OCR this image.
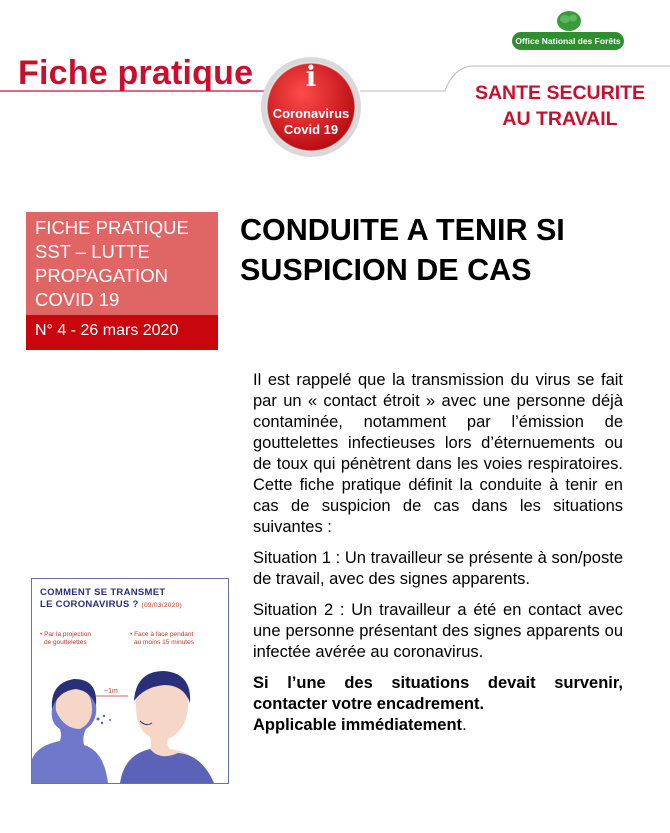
Office National des Forêts
Fiche pratique	i
Coronavirus
Covid 19
SANTE SECURITE
AU TRAVAIL
FICHE PRATIQUE
SST – LUTTE
PROPAGATION
COVID 19
N° 4 - 26 mars 2020
CONDUITE A TENIR SI
SUSPICION DE CAS

Il est rappelé que la transmission du virus se fait par un « contact étroit » avec une personne déjà contaminée, notamment par l’émission de gouttelettes infectieuses lors d’éternuements ou de toux qui pénètrent dans les voies respiratoires. Cette fiche pratique définit la conduite à tenir en cas de suspicion de cas dans les situations suivantes :

Situation 1 : Un travailleur se présente à son/poste de travail, avec des signes apparents.

Situation 2 : Un travailleur a été en contact avec une personne présentant des signes apparents ou infectée avérée au coronavirus.

Si l’une des situations devait survenir, contacter votre encadrement.
Applicable immédiatement.

COMMENT SE TRANSMET
LE CORONAVIRUS ? (09/03/2020)
• Par la projection
de gouttelettes
• Face à face pendant
au moins 15 minutes
~1m
